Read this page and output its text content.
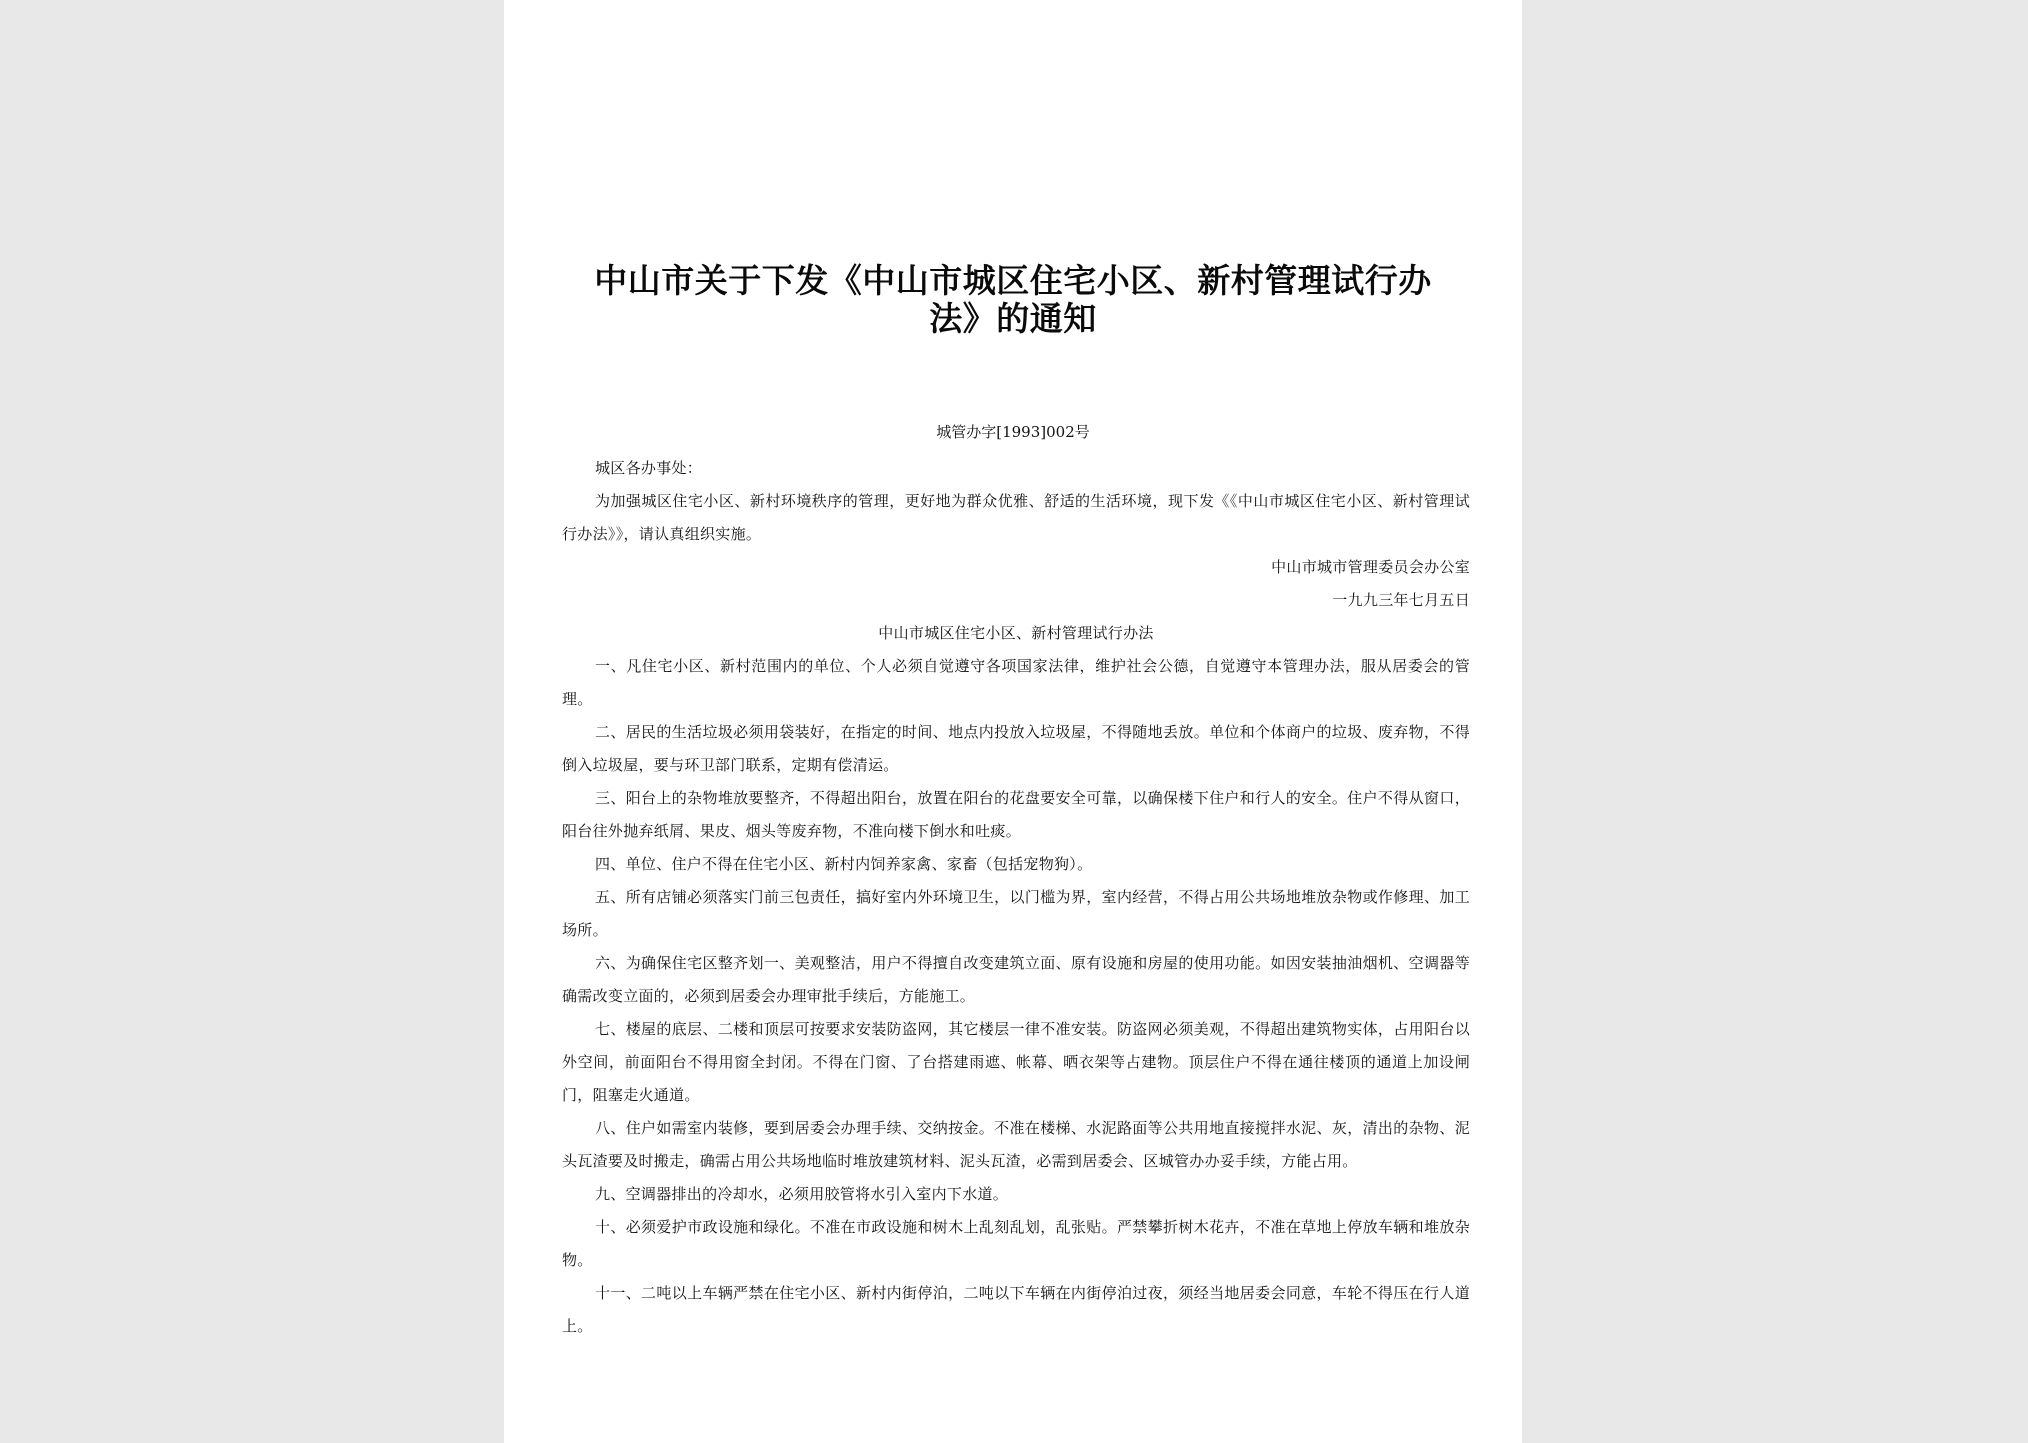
中山市关于下发《中山市城区住宅小区、新村管理试行办法》的通知
城管办字[1993]002号

城区各办事处：

为加强城区住宅小区、新村环境秩序的管理，更好地为群众优雅、舒适的生活环境，现下发《《中山市城区住宅小区、新村管理试行办法》》，请认真组织实施。

中山市城市管理委员会办公室

一九九三年七月五日

中山市城区住宅小区、新村管理试行办法

一、凡住宅小区、新村范围内的单位、个人必须自觉遵守各项国家法律，维护社会公德，自觉遵守本管理办法，服从居委会的管理。

二、居民的生活垃圾必须用袋装好，在指定的时间、地点内投放入垃圾屋，不得随地丢放。单位和个体商户的垃圾、废弃物，不得倒入垃圾屋，要与环卫部门联系，定期有偿清运。

三、阳台上的杂物堆放要整齐，不得超出阳台，放置在阳台的花盘要安全可靠，以确保楼下住户和行人的安全。住户不得从窗口，阳台往外抛弃纸屑、果皮、烟头等废弃物，不准向楼下倒水和吐痰。

四、单位、住户不得在住宅小区、新村内饲养家禽、家畜（包括宠物狗）。

五、所有店铺必须落实门前三包责任，搞好室内外环境卫生，以门槛为界，室内经营，不得占用公共场地堆放杂物或作修理、加工场所。

六、为确保住宅区整齐划一、美观整洁，用户不得擅自改变建筑立面、原有设施和房屋的使用功能。如因安装抽油烟机、空调器等确需改变立面的，必须到居委会办理审批手续后，方能施工。

七、楼屋的底层、二楼和顶层可按要求安装防盗网，其它楼层一律不准安装。防盗网必须美观，不得超出建筑物实体，占用阳台以外空间，前面阳台不得用窗全封闭。不得在门窗、了台搭建雨遮、帐幕、晒衣架等占建物。顶层住户不得在通往楼顶的通道上加设闸门，阻塞走火通道。

八、住户如需室内装修，要到居委会办理手续、交纳按金。不准在楼梯、水泥路面等公共用地直接搅拌水泥、灰，清出的杂物、泥头瓦渣要及时搬走，确需占用公共场地临时堆放建筑材料、泥头瓦渣，必需到居委会、区城管办办妥手续，方能占用。

九、空调器排出的冷却水，必须用胶管将水引入室内下水道。

十、必须爱护市政设施和绿化。不准在市政设施和树木上乱刻乱划，乱张贴。严禁攀折树木花卉，不准在草地上停放车辆和堆放杂物。

十一、二吨以上车辆严禁在住宅小区、新村内街停泊，二吨以下车辆在内街停泊过夜，须经当地居委会同意，车轮不得压在行人道上。
